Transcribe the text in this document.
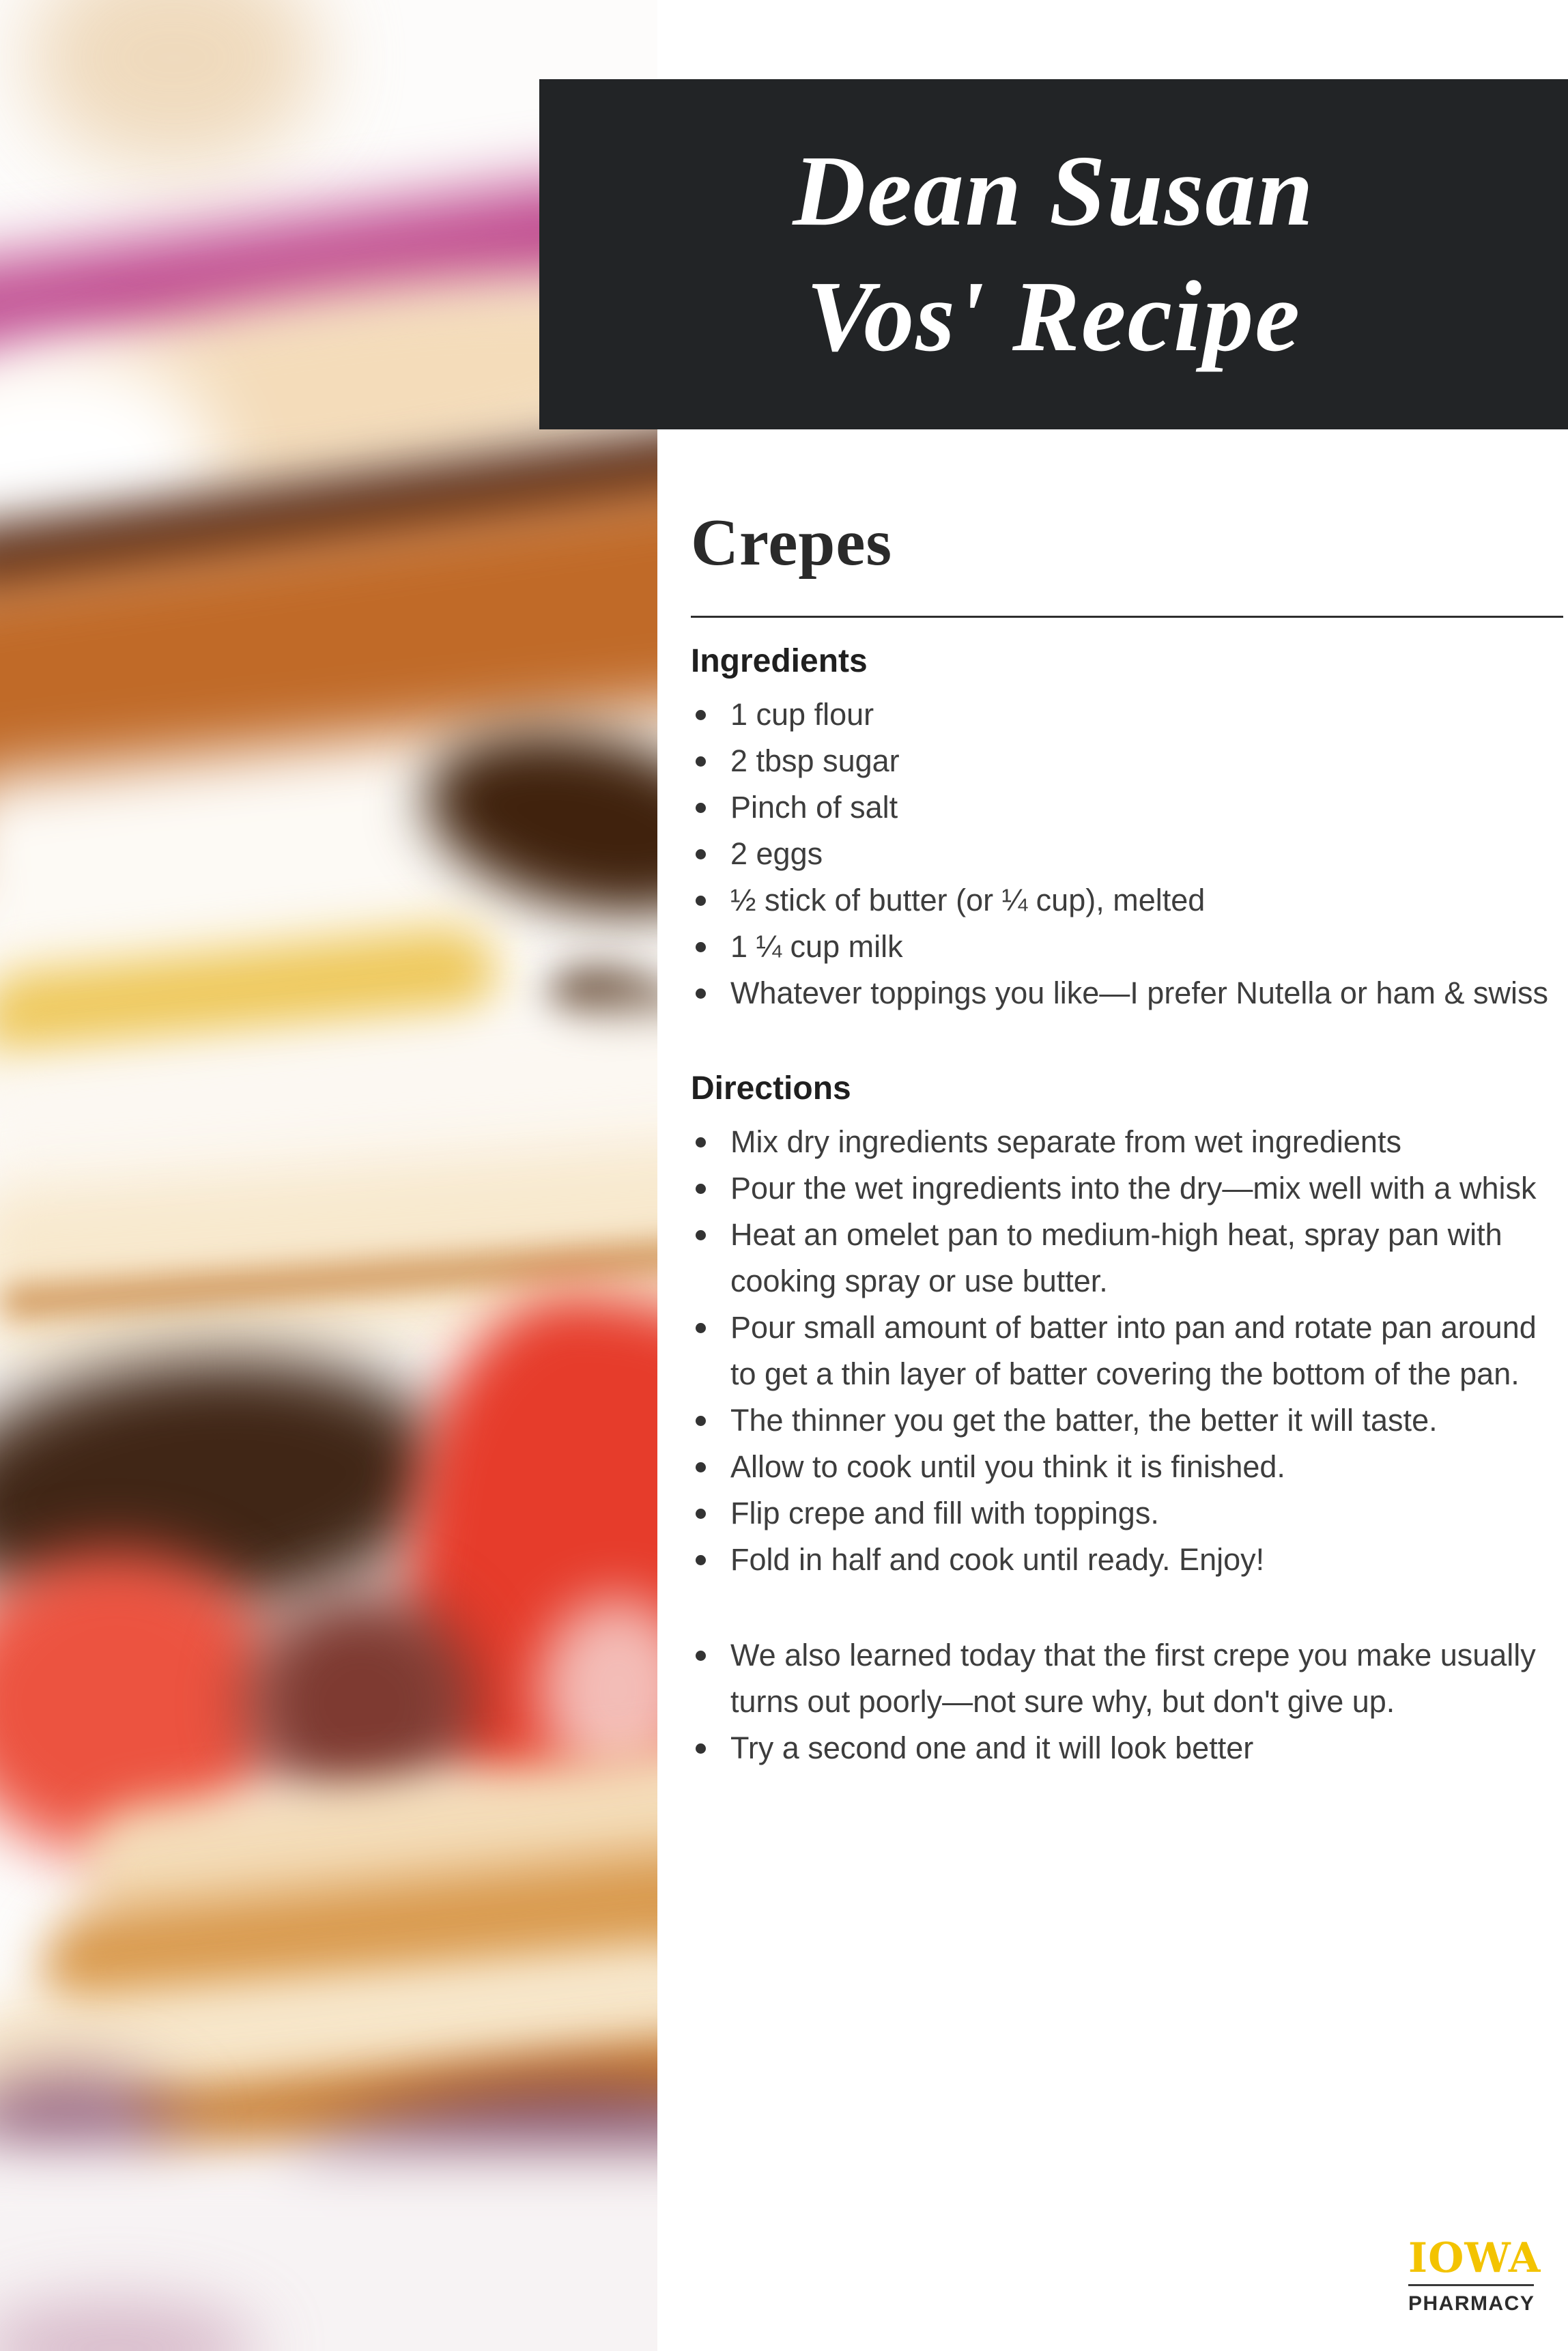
Dean Susan
Vos' Recipe
Crepes
Ingredients
1 cup flour
2 tbsp sugar
Pinch of salt
2 eggs
½ stick of butter (or ¼ cup), melted
1 ¼ cup milk
Whatever toppings you like—I prefer Nutella or ham & swiss
Directions
Mix dry ingredients separate from wet ingredients
Pour the wet ingredients into the dry—mix well with a whisk
Heat an omelet pan to medium-high heat, spray pan with cooking spray or use butter.
Pour small amount of batter into pan and rotate pan around to get a thin layer of batter covering the bottom of the pan.
The thinner you get the batter, the better it will taste.
Allow to cook until you think it is finished.
Flip crepe and fill with toppings.
Fold in half and cook until ready. Enjoy!
We also learned today that the first crepe you make usually turns out poorly—not sure why, but don't give up.
Try a second one and it will look better
IOWA
PHARMACY
